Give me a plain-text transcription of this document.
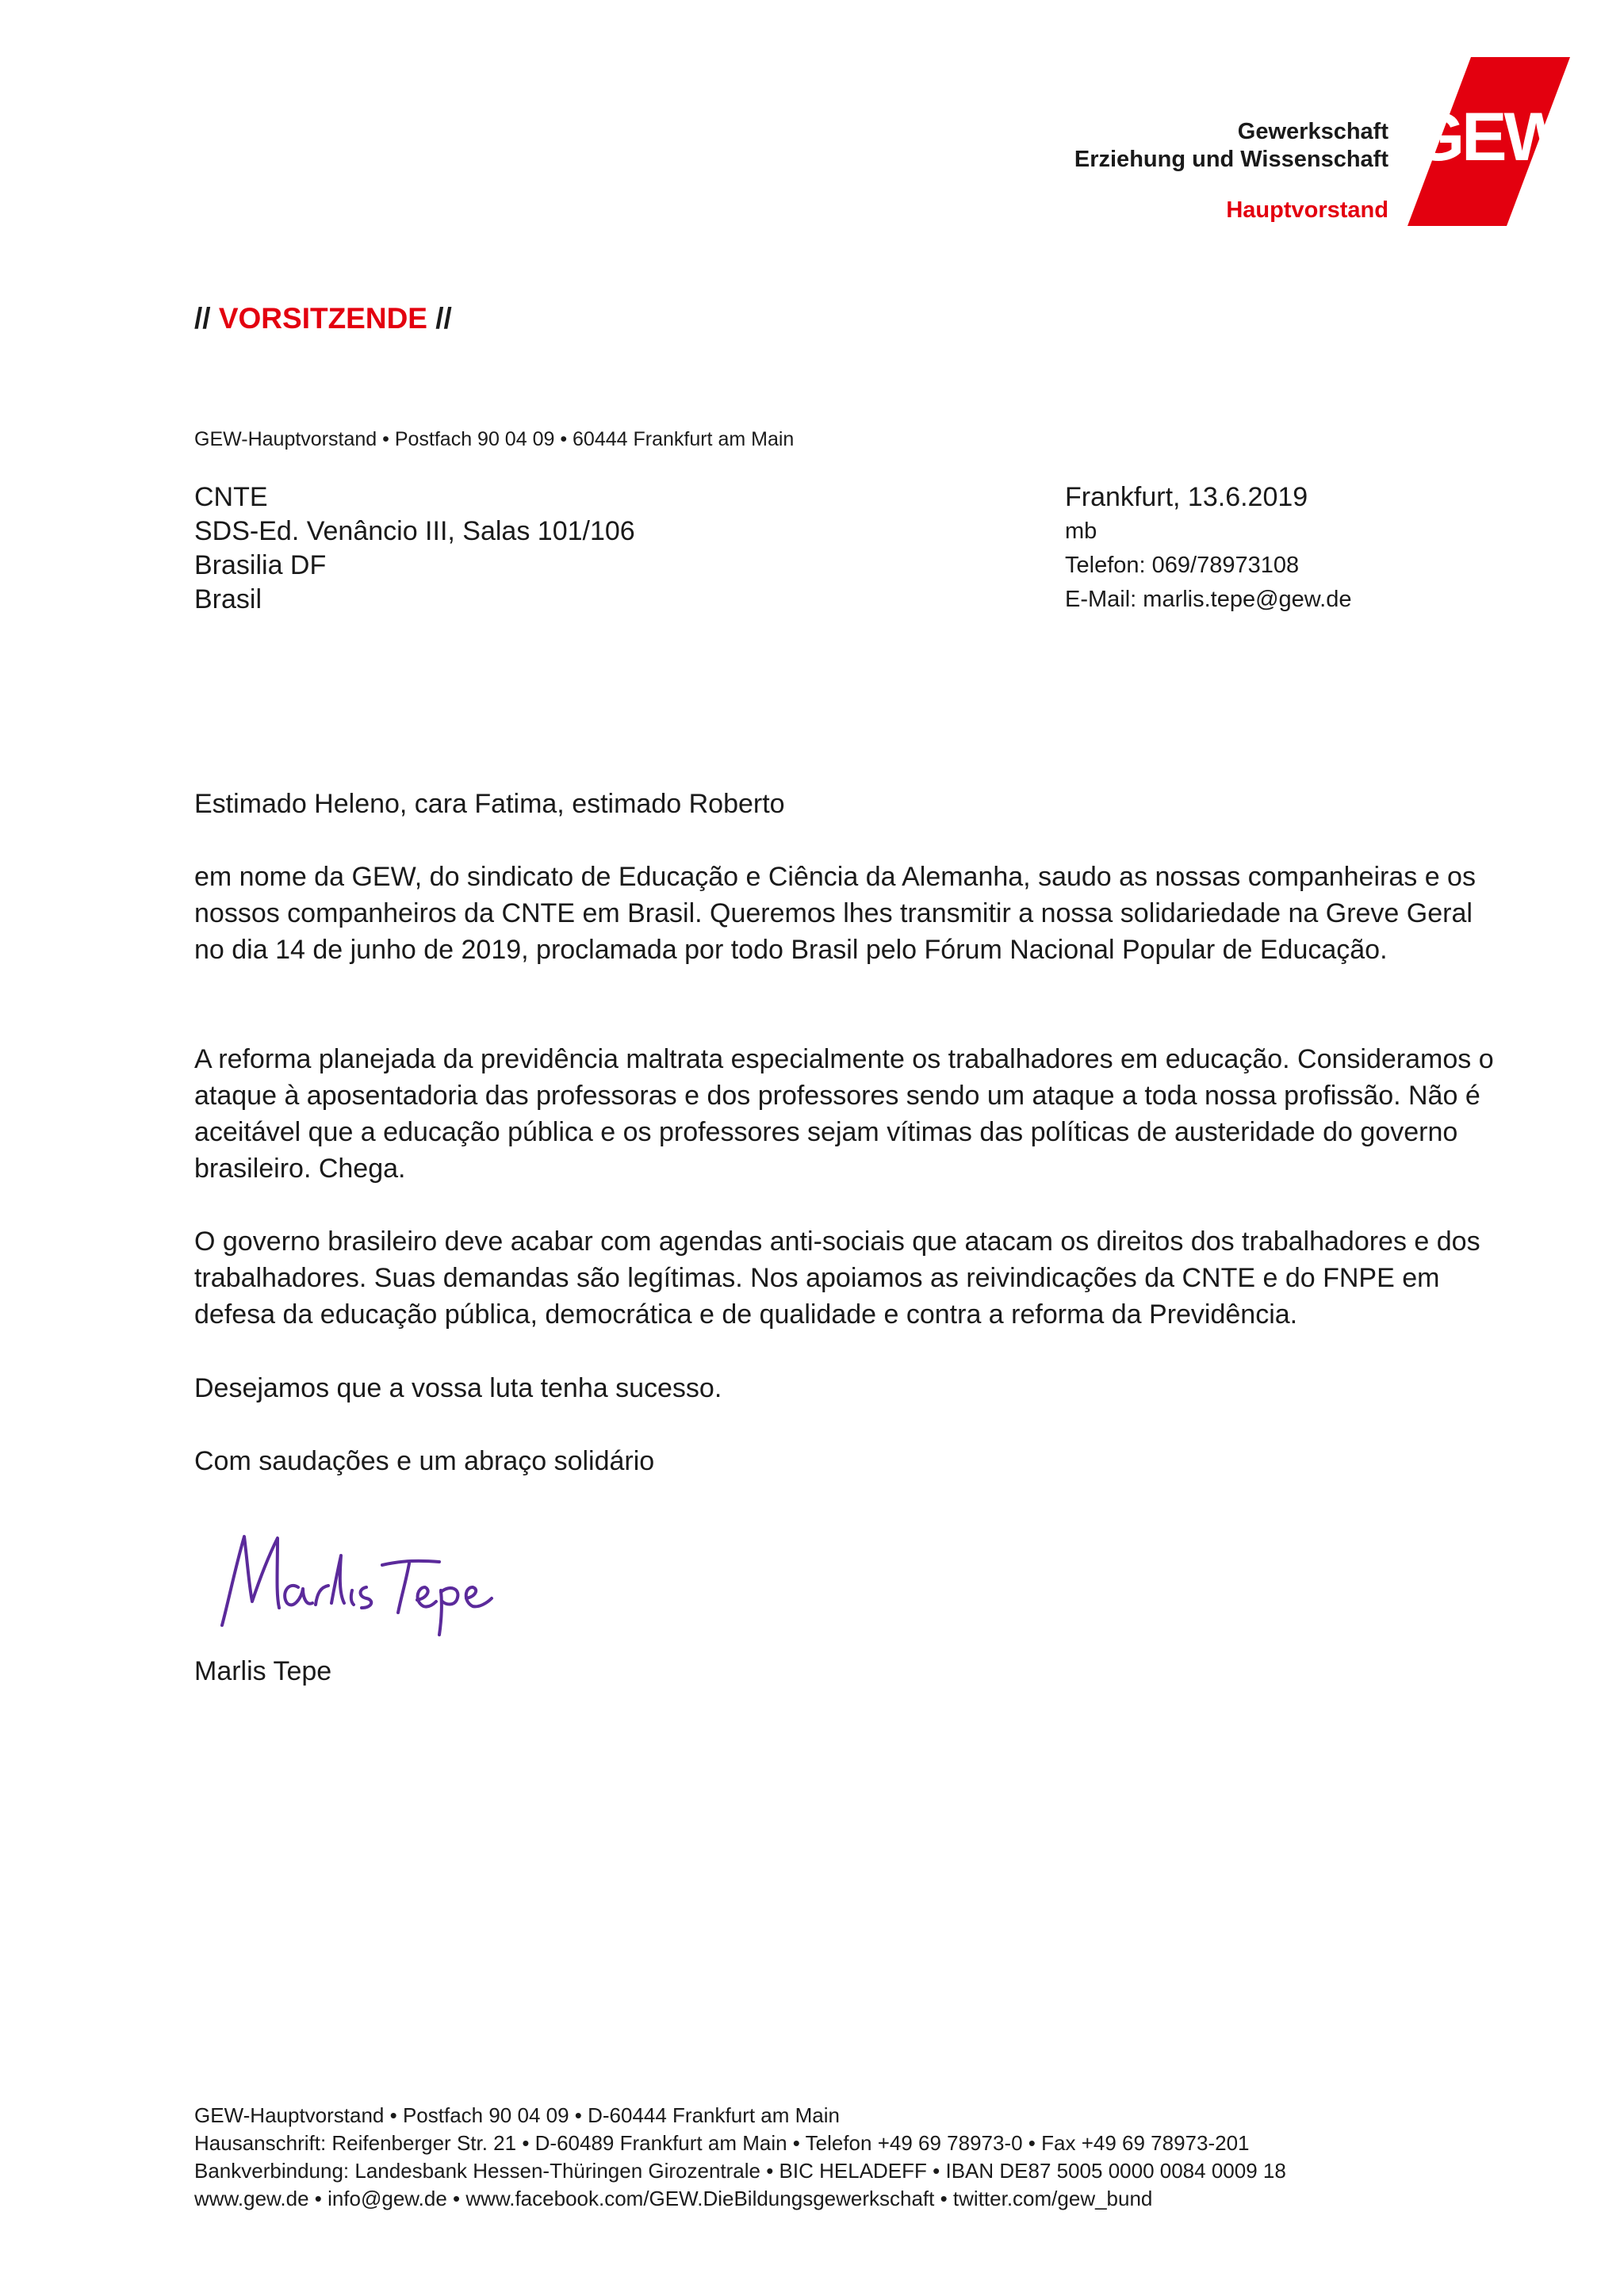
Gewerkschaft
Erziehung und Wissenschaft
Hauptvorstand
GEW
// VORSITZENDE //
GEW-Hauptvorstand • Postfach 90 04 09 • 60444 Frankfurt am Main
CNTE
SDS-Ed. Venâncio III, Salas 101/106
Brasilia DF
Brasil
Frankfurt, 13.6.2019
mb
Telefon: 069/78973108
E-Mail: marlis.tepe@gew.de
Estimado Heleno, cara Fatima, estimado Roberto

em nome da GEW, do sindicato de Educação e Ciência da Alemanha, saudo as nossas companheiras e os nossos companheiros da CNTE em Brasil. Queremos lhes transmitir a nossa solidariedade na Greve Geral no dia 14 de junho de 2019, proclamada por todo Brasil pelo Fórum Nacional Popular de Educação.

A reforma planejada da previdência maltrata especialmente os trabalhadores em educação. Consideramos o ataque à aposentadoria das professoras e dos professores sendo um ataque a toda nossa profissão. Não é aceitável que a educação pública e os professores sejam vítimas das políticas de austeridade do governo brasileiro. Chega.

O governo brasileiro deve acabar com agendas anti-sociais que atacam os direitos dos trabalhadores e dos trabalhadores. Suas demandas são legítimas. Nos apoiamos as reivindicações da CNTE e do FNPE em defesa da educação pública, democrática e de qualidade e contra a reforma da Previdência.

Desejamos que a vossa luta tenha sucesso.
Com saudações e um abraço solidário
Marlis Tepe
GEW-Hauptvorstand • Postfach 90 04 09 • D-60444 Frankfurt am Main
Hausanschrift: Reifenberger Str. 21 • D-60489 Frankfurt am Main • Telefon +49 69 78973-0 • Fax +49 69 78973-201
Bankverbindung: Landesbank Hessen-Thüringen Girozentrale • BIC HELADEFF • IBAN DE87 5005 0000 0084 0009 18
www.gew.de • info@gew.de • www.facebook.com/GEW.DieBildungsgewerkschaft • twitter.com/gew_bund
